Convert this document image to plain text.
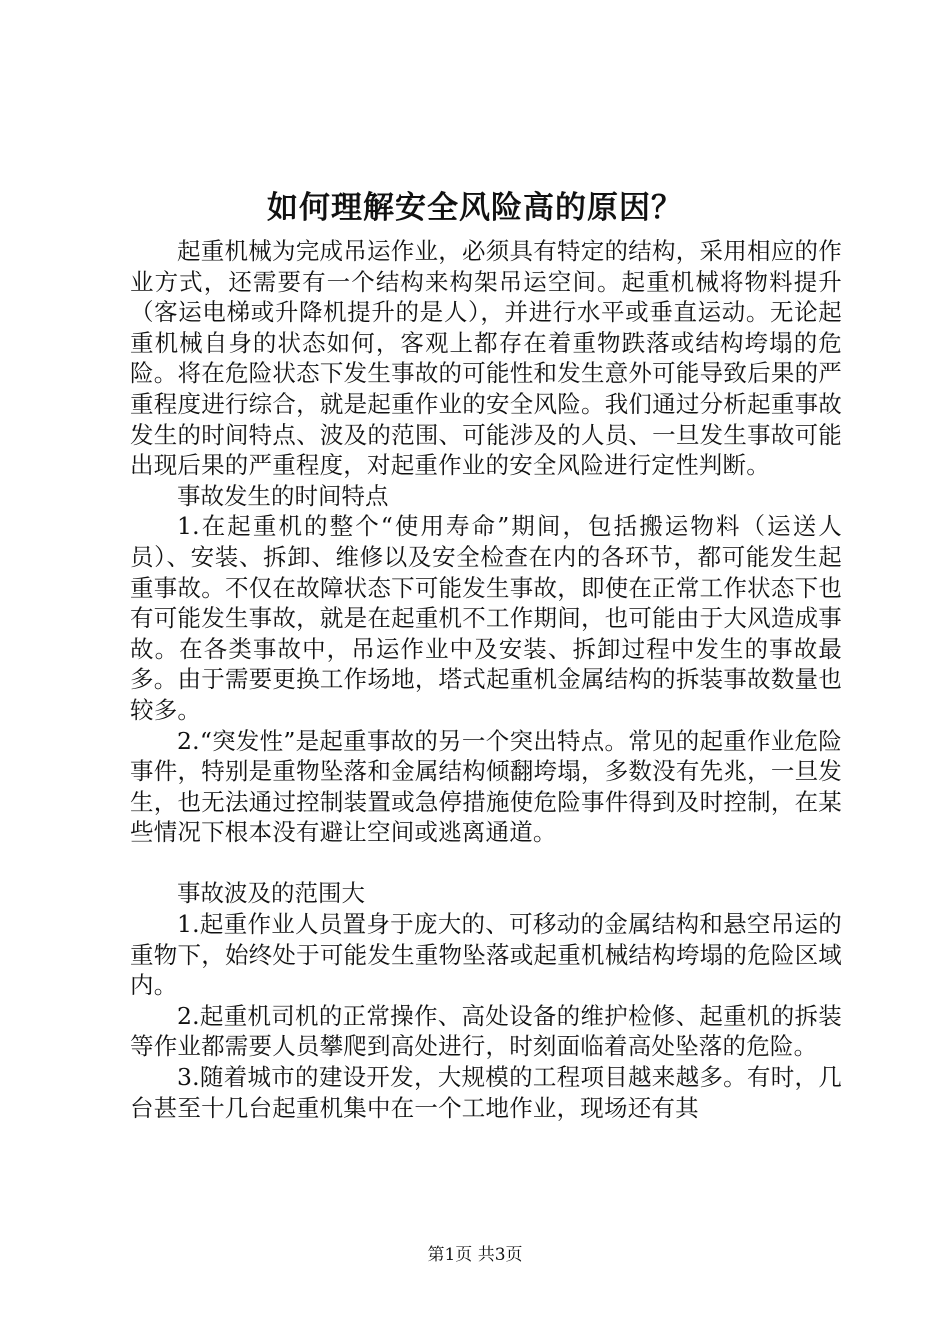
如何理解安全风险高的原因？

起重机械为完成吊运作业，必须具有特定的结构，采用相应的作业方式，还需要有一个结构来构架吊运空间。起重机械将物料提升（客运电梯或升降机提升的是人），并进行水平或垂直运动。无论起重机械自身的状态如何，客观上都存在着重物跌落或结构垮塌的危险。将在危险状态下发生事故的可能性和发生意外可能导致后果的严重程度进行综合，就是起重作业的安全风险。我们通过分析起重事故发生的时间特点、波及的范围、可能涉及的人员、一旦发生事故可能出现后果的严重程度，对起重作业的安全风险进行定性判断。

事故发生的时间特点

1.在起重机的整个“使用寿命”期间，包括搬运物料（运送人员）、安装、拆卸、维修以及安全检查在内的各环节，都可能发生起重事故。不仅在故障状态下可能发生事故，即使在正常工作状态下也有可能发生事故，就是在起重机不工作期间，也可能由于大风造成事故。在各类事故中，吊运作业中及安装、拆卸过程中发生的事故最多。由于需要更换工作场地，塔式起重机金属结构的拆装事故数量也较多。

2.“突发性”是起重事故的另一个突出特点。常见的起重作业危险事件，特别是重物坠落和金属结构倾翻垮塌，多数没有先兆，一旦发生，也无法通过控制装置或急停措施使危险事件得到及时控制，在某些情况下根本没有避让空间或逃离通道。

事故波及的范围大

1.起重作业人员置身于庞大的、可移动的金属结构和悬空吊运的重物下，始终处于可能发生重物坠落或起重机械结构垮塌的危险区域内。

2.起重机司机的正常操作、高处设备的维护检修、起重机的拆装等作业都需要人员攀爬到高处进行，时刻面临着高处坠落的危险。

3.随着城市的建设开发，大规模的工程项目越来越多。有时，几台甚至十几台起重机集中在一个工地作业，现场还有其

第1页 共3页
